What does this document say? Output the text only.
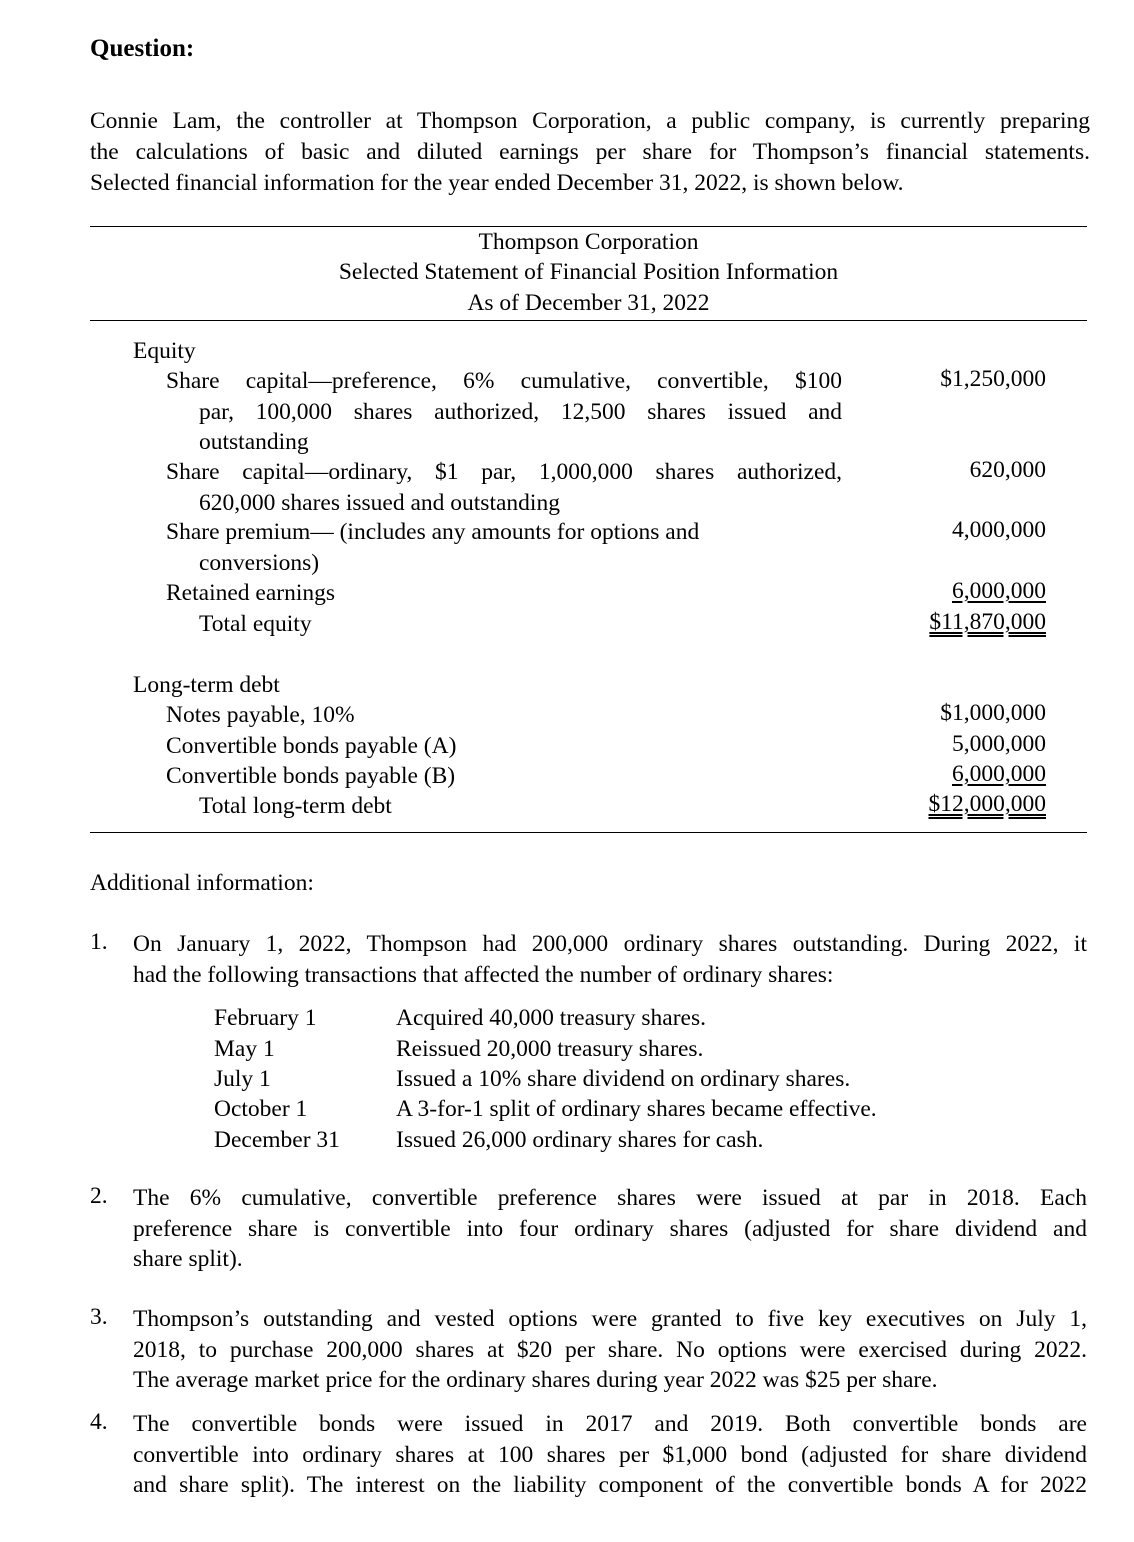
Question:
Connie Lam, the controller at Thompson Corporation, a public company, is currently preparing
the calculations of basic and diluted earnings per share for Thompson’s financial statements.
Selected financial information for the year ended December 31, 2022, is shown below.
Thompson Corporation
Selected Statement of Financial Position Information
As of December 31, 2022
Equity
Share capital—preference, 6% cumulative, convertible, $100
par, 100,000 shares authorized, 12,500 shares issued and
outstanding
$1,250,000
Share capital—ordinary, $1 par, 1,000,000 shares authorized,
620,000 shares issued and outstanding
620,000
Share premium— (includes any amounts for options and
conversions)
4,000,000
Retained earnings	6,000,000
Total equity	$11,870,000
Long-term debt
Notes payable, 10%	$1,000,000
Convertible bonds payable (A)	5,000,000
Convertible bonds payable (B)	6,000,000
Total long-term debt	$12,000,000
Additional information:
1. On January 1, 2022, Thompson had 200,000 ordinary shares outstanding. During 2022, it
had the following transactions that affected the number of ordinary shares:
February 1	Acquired 40,000 treasury shares.
May 1	Reissued 20,000 treasury shares.
July 1	Issued a 10% share dividend on ordinary shares.
October 1	A 3-for-1 split of ordinary shares became effective.
December 31 Issued 26,000 ordinary shares for cash.
2. The 6% cumulative, convertible preference shares were issued at par in 2018. Each
preference share is convertible into four ordinary shares (adjusted for share dividend and
share split).
3. Thompson’s outstanding and vested options were granted to five key executives on July 1,
2018, to purchase 200,000 shares at $20 per share. No options were exercised during 2022.
The average market price for the ordinary shares during year 2022 was $25 per share.
4. The convertible bonds were issued in 2017 and 2019. Both convertible bonds are
convertible into ordinary shares at 100 shares per $1,000 bond (adjusted for share dividend
and share split). The interest on the liability component of the convertible bonds A for 2022
